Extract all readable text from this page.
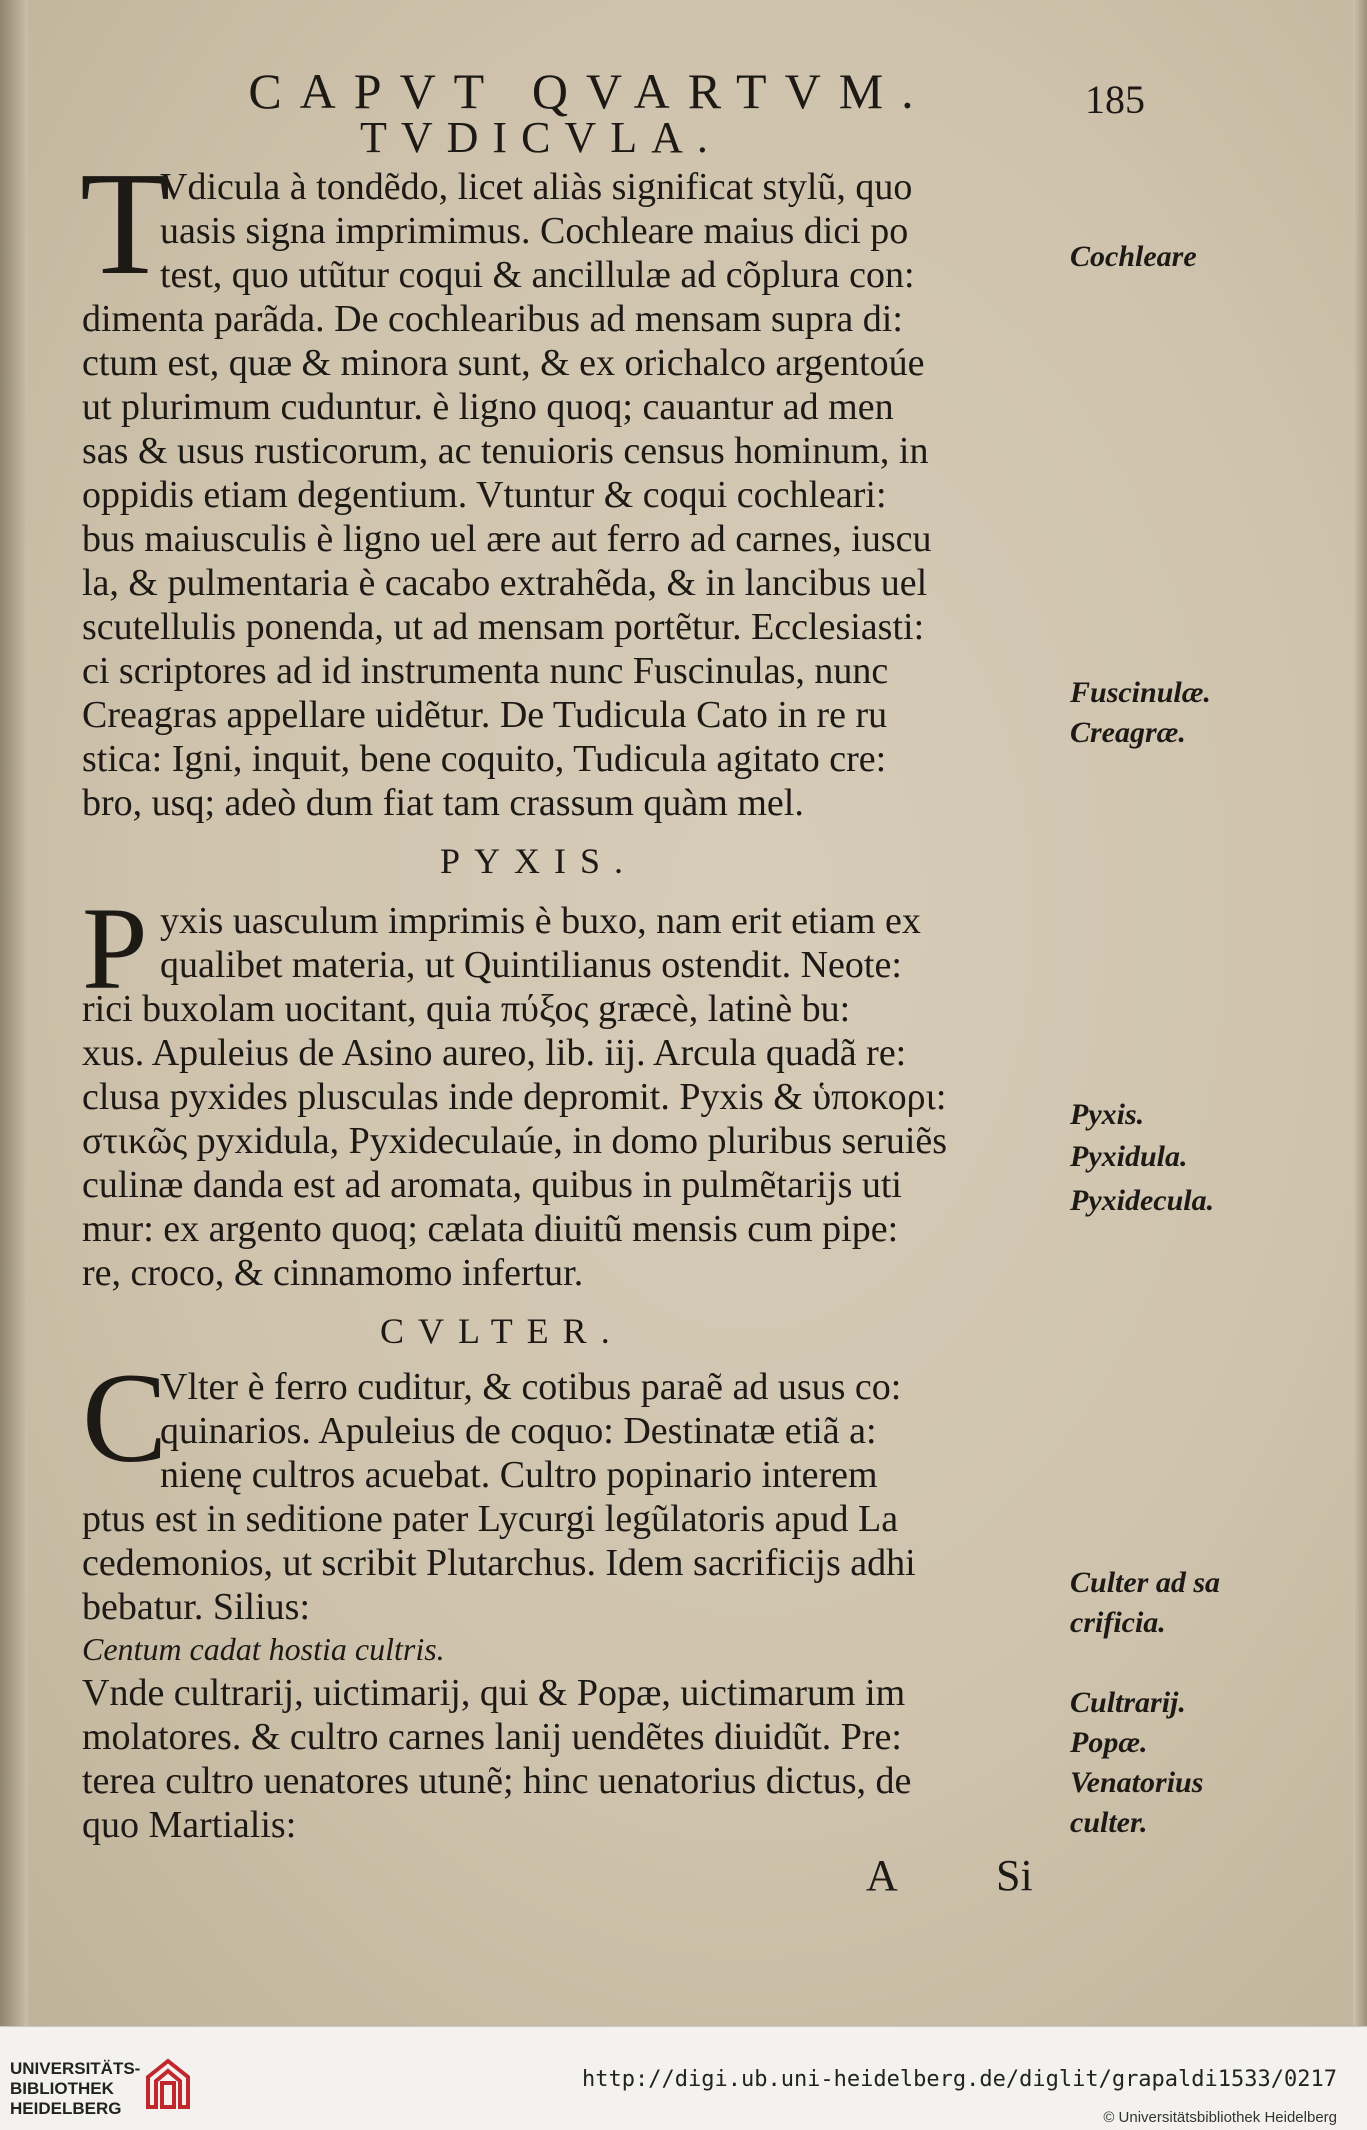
CAPVT QVARTVM.	185
TVDICVLA.
T
Vdicula à tondẽdo, licet aliàs significat stylũ, quo
uasis signa imprimimus. Cochleare maius dici po
test, quo utũtur coqui & ancillulæ ad cõplura con:
dimenta parãda. De cochlearibus ad mensam supra di:
ctum est, quæ & minora sunt, & ex orichalco argentoúe
ut plurimum cuduntur. è ligno quoq; cauantur ad men
sas & usus rusticorum, ac tenuioris census hominum, in
oppidis etiam degentium. Vtuntur & coqui cochleari:
bus maiusculis è ligno uel ære aut ferro ad carnes, iuscu
la, & pulmentaria è cacabo extrahẽda, & in lancibus uel
scutellulis ponenda, ut ad mensam portẽtur. Ecclesiasti:
ci scriptores ad id instrumenta nunc Fuscinulas, nunc
Creagras appellare uidẽtur. De Tudicula Cato in re ru
stica: Igni, inquit, bene coquito, Tudicula agitato cre:
bro, usq; adeò dum fiat tam crassum quàm mel.
PYXIS.
P yxis uasculum imprimis è buxo, nam erit etiam ex
qualibet materia, ut Quintilianus ostendit. Neote:
rici buxolam uocitant, quia πύξος græcè, latinè bu:
xus. Apuleius de Asino aureo, lib. iij. Arcula quadã re:
clusa pyxides plusculas inde depromit. Pyxis & ὑποκορι:
στικῶς pyxidula, Pyxideculaúe, in domo pluribus seruiẽs
culinæ danda est ad aromata, quibus in pulmẽtarijs uti
mur: ex argento quoq; cælata diuitũ mensis cum pipe:
re, croco, & cinnamomo infertur.
CVLTER.
C
Vlter è ferro cuditur, & cotibus paraẽ ad usus co:
quinarios. Apuleius de coquo: Destinatæ etiã a:
nienę cultros acuebat. Cultro popinario interem
ptus est in seditione pater Lycurgi legũlatoris apud La
cedemonios, ut scribit Plutarchus. Idem sacrificijs adhi
bebatur. Silius:
Centum cadat hostia cultris.
Vnde cultrarij, uictimarij, qui & Popæ, uictimarum im
molatores. & cultro carnes lanij uendẽtes diuidũt. Pre:
terea cultro uenatores utunẽ; hinc uenatorius dictus, de
quo Martialis:
Cochleare
Fuscinulæ.
Creagræ.
Pyxis.
Pyxidula.
Pyxidecula.
Culter ad sa
crificia.
Cultrarij.
Popæ.
Venatorius
culter.
A Si
UNIVERSITÄTS-
BIBLIOTHEK
HEIDELBERG
http://digi.ub.uni-heidelberg.de/diglit/grapaldi1533/0217
© Universitätsbibliothek Heidelberg
